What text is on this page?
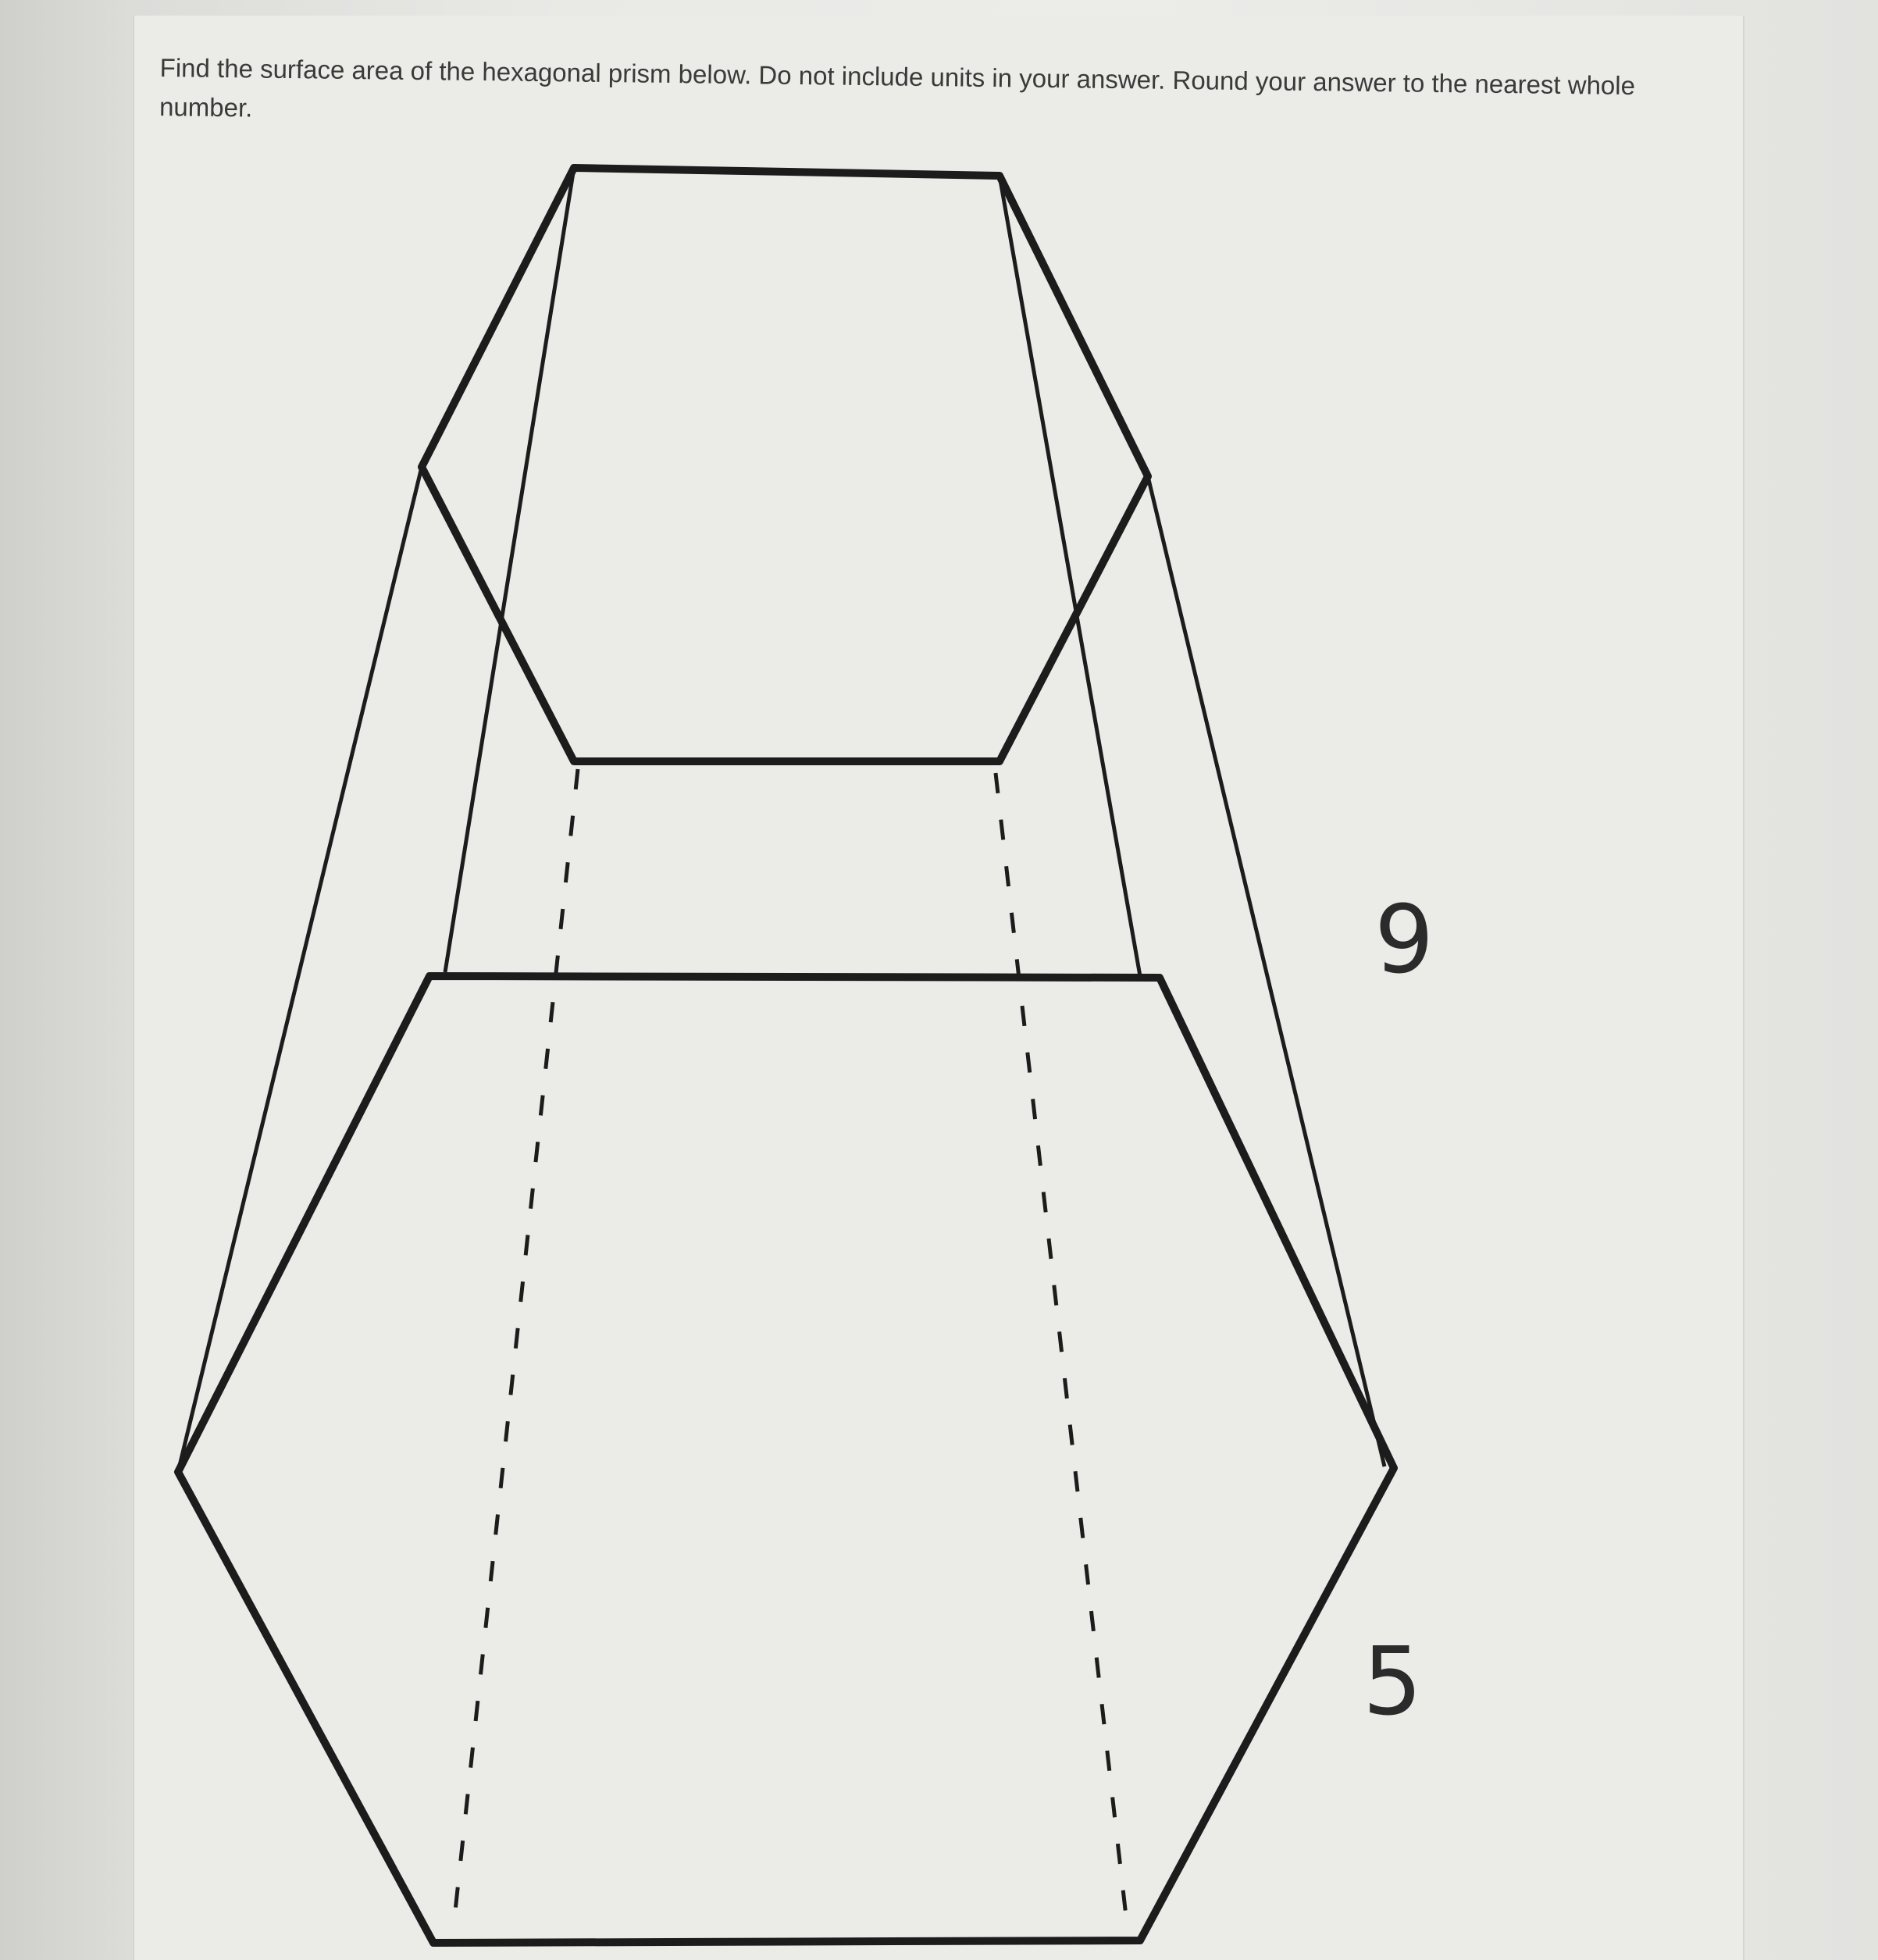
Find the surface area of the hexagonal prism below. Do not include units in your answer. Round your answer to the nearest whole number.

9
5
